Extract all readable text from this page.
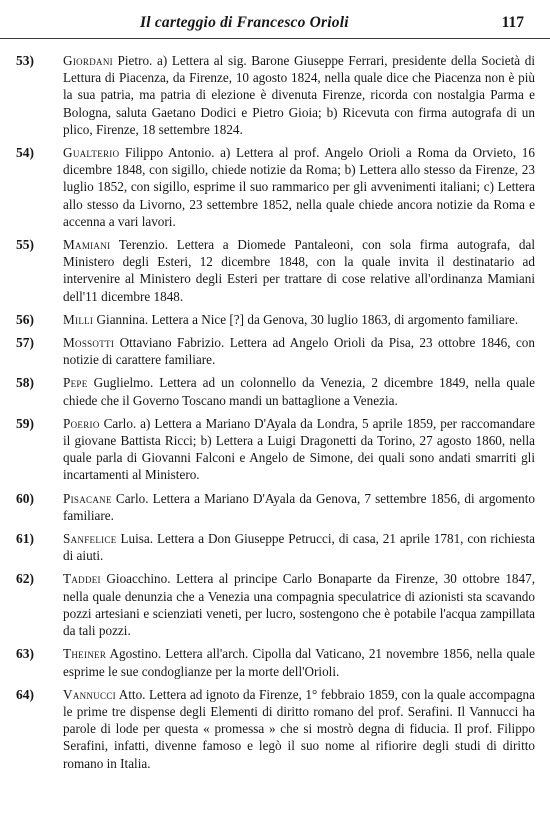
Il carteggio di Francesco Orioli	117
53)	Giordani Pietro. a) Lettera al sig. Barone Giuseppe Ferrari, presidente della Società di Lettura di Piacenza, da Firenze, 10 agosto 1824, nella quale dice che Piacenza non è più la sua patria, ma patria di elezione è divenuta Firenze, ricorda con nostalgia Parma e Bologna, saluta Gaetano Dodici e Pietro Gioia; b) Ricevuta con firma autografa di un plico, Firenze, 18 settembre 1824.

54)	Gualterio Filippo Antonio. a) Lettera al prof. Angelo Orioli a Roma da Orvieto, 16 dicembre 1848, con sigillo, chiede notizie da Roma; b) Lettera allo stesso da Firenze, 23 luglio 1852, con sigillo, esprime il suo rammarico per gli avvenimenti italiani; c) Lettera allo stesso da Livorno, 23 settembre 1852, nella quale chiede ancora notizie da Roma e accenna a vari lavori.

55)	Mamiani Terenzio. Lettera a Diomede Pantaleoni, con sola firma autografa, dal Ministero degli Esteri, 12 dicembre 1848, con la quale invita il destinatario ad intervenire al Ministero degli Esteri per trattare di cose relative all'ordinanza Mamiani dell'11 dicembre 1848.

56)	Milli Giannina. Lettera a Nice [?] da Genova, 30 luglio 1863, di argomento familiare.

57)	Mossotti Ottaviano Fabrizio. Lettera ad Angelo Orioli da Pisa, 23 ottobre 1846, con notizie di carattere familiare.

58)	Pepe Guglielmo. Lettera ad un colonnello da Venezia, 2 dicembre 1849, nella quale chiede che il Governo Toscano mandi un battaglione a Venezia.

59)	Poerio Carlo. a) Lettera a Mariano D'Ayala da Londra, 5 aprile 1859, per raccomandare il giovane Battista Ricci; b) Lettera a Luigi Dragonetti da Torino, 27 agosto 1860, nella quale parla di Giovanni Falconi e Angelo de Simone, dei quali sono andati smarriti gli incartamenti al Ministero.

60)	Pisacane Carlo. Lettera a Mariano D'Ayala da Genova, 7 settembre 1856, di argomento familiare.

61)	Sanfelice Luisa. Lettera a Don Giuseppe Petrucci, di casa, 21 aprile 1781, con richiesta di aiuti.

62)	Taddei Gioacchino. Lettera al principe Carlo Bonaparte da Firenze, 30 ottobre 1847, nella quale denunzia che a Venezia una compagnia speculatrice di azionisti sta scavando pozzi artesiani e scienziati veneti, per lucro, sostengono che è potabile l'acqua zampillata da tali pozzi.

63)	Theiner Agostino. Lettera all'arch. Cipolla dal Vaticano, 21 novembre 1856, nella quale esprime le sue condoglianze per la morte dell'Orioli.

64)	Vannucci Atto. Lettera ad ignoto da Firenze, 1° febbraio 1859, con la quale accompagna le prime tre dispense degli Elementi di diritto romano del prof. Serafini. Il Vannucci ha parole di lode per questa « promessa » che si mostrò degna di fiducia. Il prof. Filippo Serafini, infatti, divenne famoso e legò il suo nome al rifiorire degli studi di diritto romano in Italia.
